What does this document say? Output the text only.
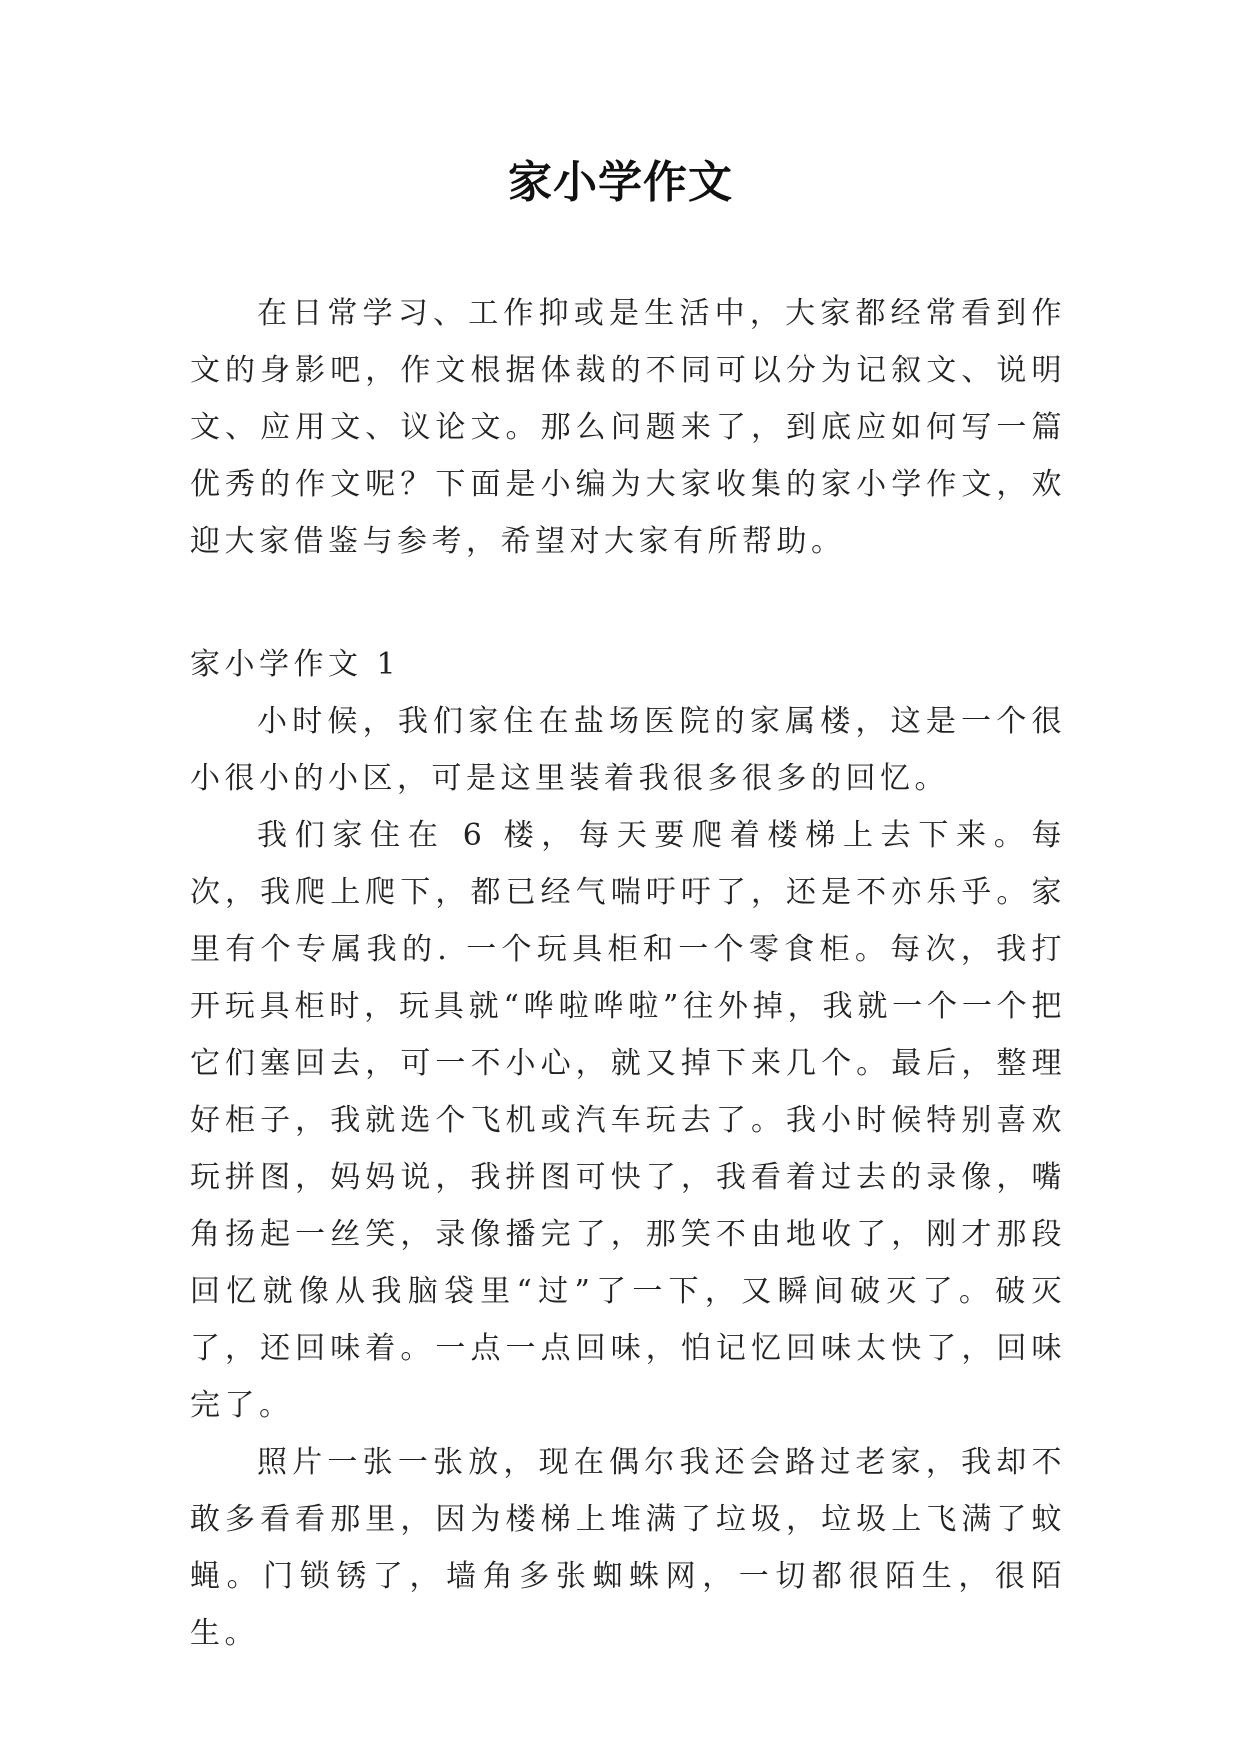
家小学作文

在日常学习、工作抑或是生活中，大家都经常看到作文的身影吧，作文根据体裁的不同可以分为记叙文、说明文、应用文、议论文。那么问题来了，到底应如何写一篇优秀的作文呢？下面是小编为大家收集的家小学作文，欢迎大家借鉴与参考，希望对大家有所帮助。

家小学作文 1

小时候，我们家住在盐场医院的家属楼，这是一个很小很小的小区，可是这里装着我很多很多的回忆。

我们家住在 6 楼，每天要爬着楼梯上去下来。每次，我爬上爬下，都已经气喘吁吁了，还是不亦乐乎。家里有个专属我的. 一个玩具柜和一个零食柜。每次，我打开玩具柜时，玩具就“哗啦哗啦”往外掉，我就一个一个把它们塞回去，可一不小心，就又掉下来几个。最后，整理好柜子，我就选个飞机或汽车玩去了。我小时候特别喜欢玩拼图，妈妈说，我拼图可快了，我看着过去的录像，嘴角扬起一丝笑，录像播完了，那笑不由地收了，刚才那段回忆就像从我脑袋里“过”了一下，又瞬间破灭了。破灭了，还回味着。一点一点回味，怕记忆回味太快了，回味完了。

照片一张一张放，现在偶尔我还会路过老家，我却不敢多看看那里，因为楼梯上堆满了垃圾，垃圾上飞满了蚊蝇。门锁锈了，墙角多张蜘蛛网，一切都很陌生，很陌生。
